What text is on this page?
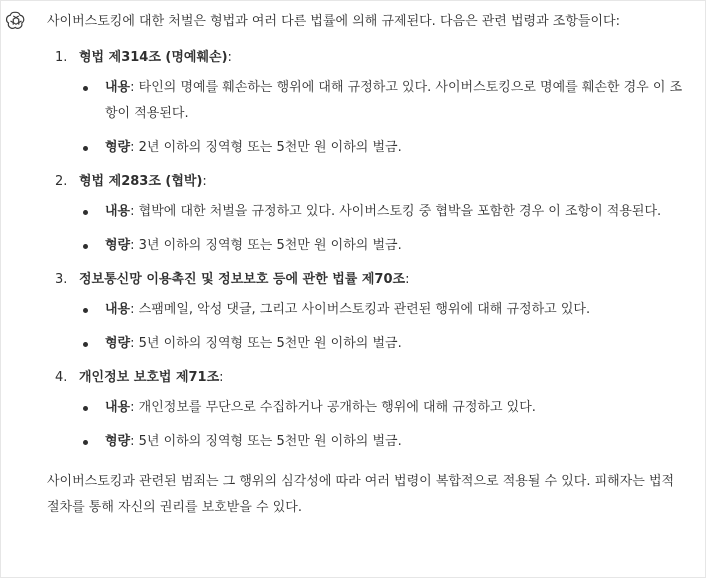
사이버스토킹에 대한 처벌은 형법과 여러 다른 법률에 의해 규제된다. 다음은 관련 법령과 조항들이다:

1. 형법 제314조 (명예훼손):
내용: 타인의 명예를 훼손하는 행위에 대해 규정하고 있다. 사이버스토킹으로 명예를 훼손한 경우 이 조항이 적용된다.
형량: 2년 이하의 징역형 또는 5천만 원 이하의 벌금.
2. 형법 제283조 (협박):
내용: 협박에 대한 처벌을 규정하고 있다. 사이버스토킹 중 협박을 포함한 경우 이 조항이 적용된다.
형량: 3년 이하의 징역형 또는 5천만 원 이하의 벌금.
3. 정보통신망 이용촉진 및 정보보호 등에 관한 법률 제70조:
내용: 스팸메일, 악성 댓글, 그리고 사이버스토킹과 관련된 행위에 대해 규정하고 있다.
형량: 5년 이하의 징역형 또는 5천만 원 이하의 벌금.
4. 개인정보 보호법 제71조:
내용: 개인정보를 무단으로 수집하거나 공개하는 행위에 대해 규정하고 있다.
형량: 5년 이하의 징역형 또는 5천만 원 이하의 벌금.

사이버스토킹과 관련된 범죄는 그 행위의 심각성에 따라 여러 법령이 복합적으로 적용될 수 있다. 피해자는 법적 절차를 통해 자신의 권리를 보호받을 수 있다.
